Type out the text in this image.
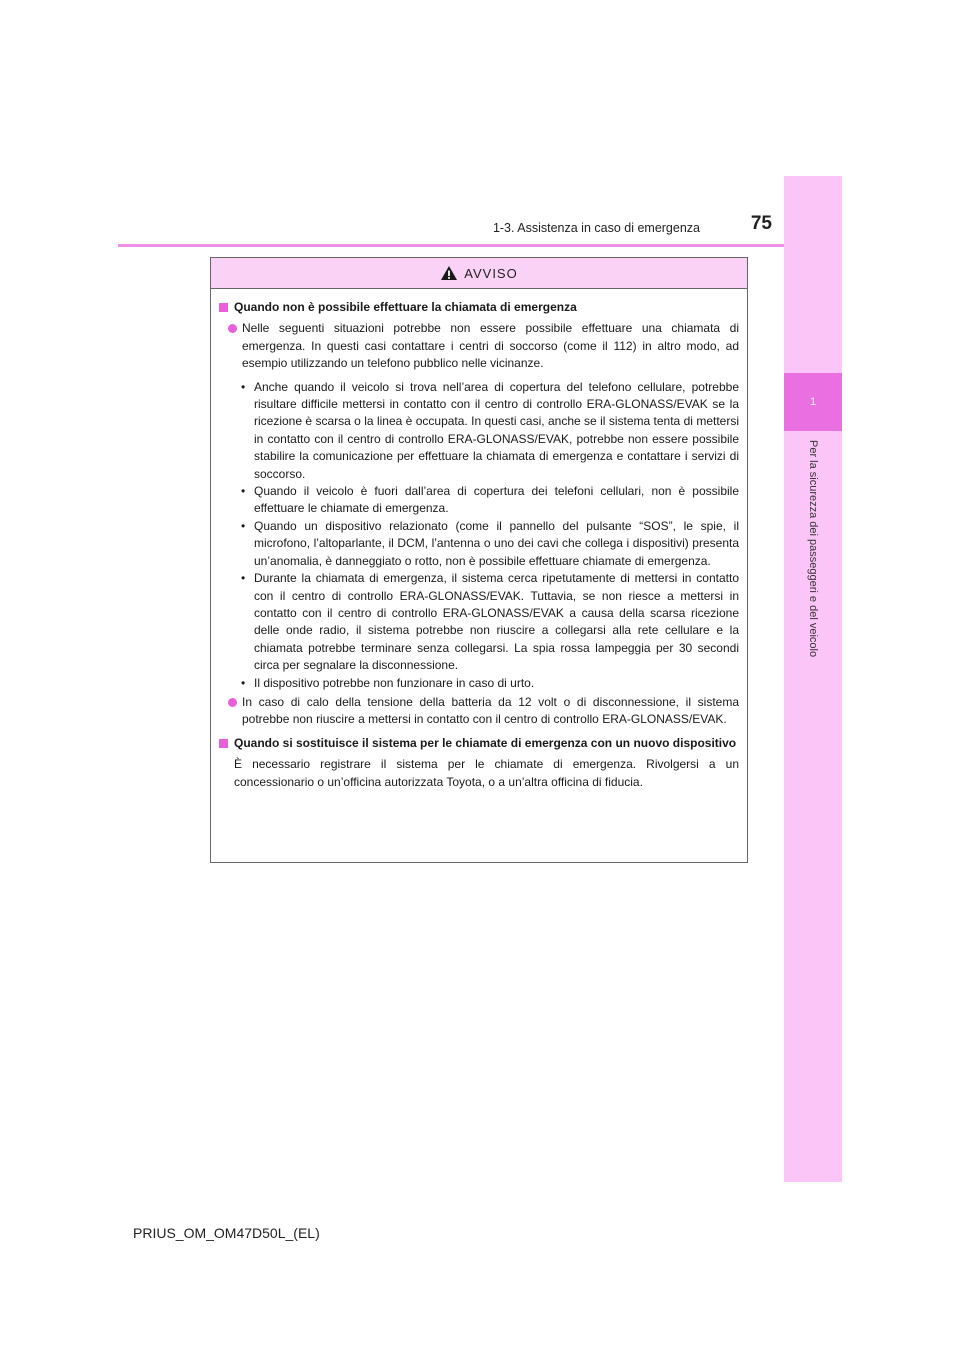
1-3. Assistenza in caso di emergenza	75
1
Per la sicurezza dei passeggeri e del veicolo
AVVISO
Quando non è possibile effettuare la chiamata di emergenza
Nelle seguenti situazioni potrebbe non essere possibile effettuare una chiamata di emergenza. In questi casi contattare i centri di soccorso (come il 112) in altro modo, ad esempio utilizzando un telefono pubblico nelle vicinanze.
• Anche quando il veicolo si trova nell’area di copertura del telefono cellulare, potrebbe risultare difficile mettersi in contatto con il centro di controllo ERA-GLONASS/EVAK se la ricezione è scarsa o la linea è occupata. In questi casi, anche se il sistema tenta di mettersi in contatto con il centro di controllo ERA-GLONASS/EVAK, potrebbe non essere possibile stabilire la comunicazione per effettuare la chiamata di emergenza e contattare i servizi di soccorso.
• Quando il veicolo è fuori dall’area di copertura dei telefoni cellulari, non è possibile effettuare le chiamate di emergenza.
• Quando un dispositivo relazionato (come il pannello del pulsante “SOS”, le spie, il microfono, l’altoparlante, il DCM, l’antenna o uno dei cavi che collega i dispositivi) presenta un’anomalia, è danneggiato o rotto, non è possibile effettuare chiamate di emergenza.
• Durante la chiamata di emergenza, il sistema cerca ripetutamente di mettersi in contatto con il centro di controllo ERA-GLONASS/EVAK. Tuttavia, se non riesce a mettersi in contatto con il centro di controllo ERA-GLONASS/EVAK a causa della scarsa ricezione delle onde radio, il sistema potrebbe non riuscire a collegarsi alla rete cellulare e la chiamata potrebbe terminare senza collegarsi. La spia rossa lampeggia per 30 secondi circa per segnalare la disconnessione.
• Il dispositivo potrebbe non funzionare in caso di urto.
In caso di calo della tensione della batteria da 12 volt o di disconnessione, il sistema potrebbe non riuscire a mettersi in contatto con il centro di controllo ERA-GLONASS/EVAK.
Quando si sostituisce il sistema per le chiamate di emergenza con un nuovo dispositivo
È necessario registrare il sistema per le chiamate di emergenza. Rivolgersi a un concessionario o un’officina autorizzata Toyota, o a un’altra officina di fiducia.
PRIUS_OM_OM47D50L_(EL)
